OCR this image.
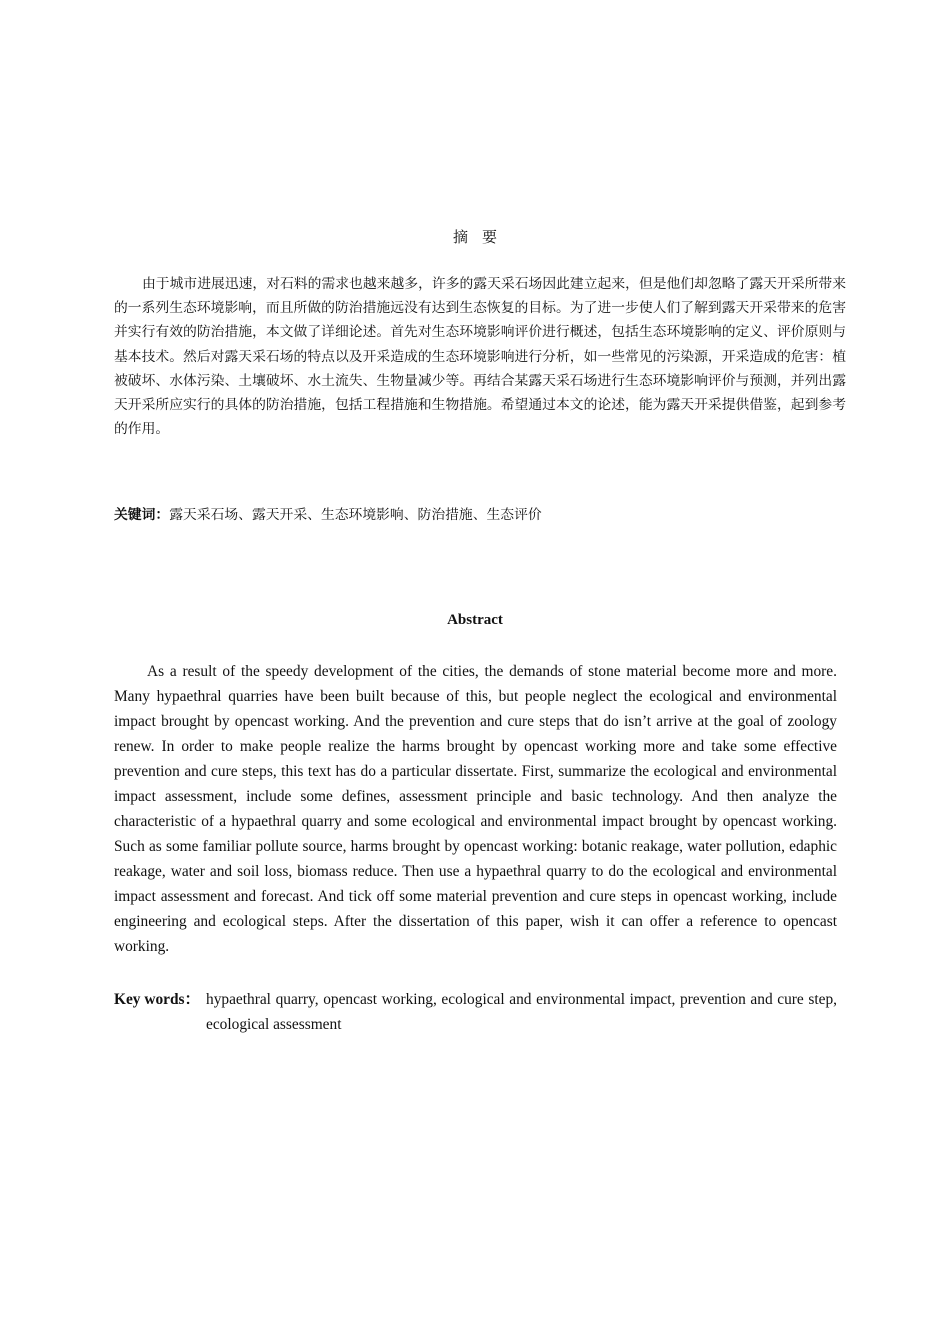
摘要

由于城市进展迅速，对石料的需求也越来越多，许多的露天采石场因此建立起来，但是他们却忽略了露天开采所带来的一系列生态环境影响，而且所做的防治措施远没有达到生态恢复的目标。为了进一步使人们了解到露天开采带来的危害并实行有效的防治措施，本文做了详细论述。首先对生态环境影响评价进行概述，包括生态环境影响的定义、评价原则与基本技术。然后对露天采石场的特点以及开采造成的生态环境影响进行分析，如一些常见的污染源，开采造成的危害：植被破坏、水体污染、土壤破坏、水土流失、生物量减少等。再结合某露天采石场进行生态环境影响评价与预测，并列出露天开采所应实行的具体的防治措施，包括工程措施和生物措施。希望通过本文的论述，能为露天开采提供借鉴，起到参考的作用。

关键词：露天采石场、露天开采、生态环境影响、防治措施、生态评价

Abstract

As a result of the speedy development of the cities, the demands of stone material become more and more. Many hypaethral quarries have been built because of this, but people neglect the ecological and environmental impact brought by opencast working. And the prevention and cure steps that do isn’t arrive at the goal of zoology renew. In order to make people realize the harms brought by opencast working more and take some effective prevention and cure steps, this text has do a particular dissertate. First, summarize the ecological and environmental impact assessment, include some defines, assessment principle and basic technology. And then analyze the characteristic of a hypaethral quarry and some ecological and environmental impact brought by opencast working. Such as some familiar pollute source, harms brought by opencast working: botanic reakage, water pollution, edaphic reakage, water and soil loss, biomass reduce. Then use a hypaethral quarry to do the ecological and environmental impact assessment and forecast. And tick off some material prevention and cure steps in opencast working, include engineering and ecological steps. After the dissertation of this paper, wish it can offer a reference to opencast working.

Key words： hypaethral quarry, opencast working, ecological and environmental impact, prevention and cure step, ecological assessment
